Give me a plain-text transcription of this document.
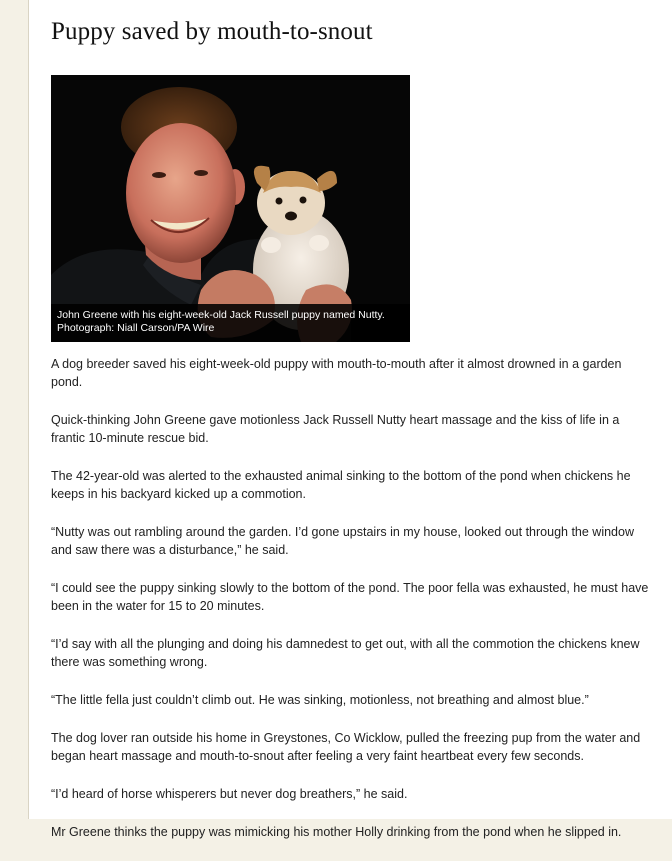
Puppy saved by mouth-to-snout
John Greene with his eight-week-old Jack Russell puppy named Nutty.
Photograph: Niall Carson/PA Wire

A dog breeder saved his eight-week-old puppy with mouth-to-mouth after it almost drowned in a garden pond.

Quick-thinking John Greene gave motionless Jack Russell Nutty heart massage and the kiss of life in a frantic 10-minute rescue bid.

The 42-year-old was alerted to the exhausted animal sinking to the bottom of the pond when chickens he keeps in his backyard kicked up a commotion.

“Nutty was out rambling around the garden. I’d gone upstairs in my house, looked out through the window and saw there was a disturbance,” he said.

“I could see the puppy sinking slowly to the bottom of the pond. The poor fella was exhausted, he must have been in the water for 15 to 20 minutes.

“I’d say with all the plunging and doing his damnedest to get out, with all the commotion the chickens knew there was something wrong.

“The little fella just couldn’t climb out. He was sinking, motionless, not breathing and almost blue.”

The dog lover ran outside his home in Greystones, Co Wicklow, pulled the freezing pup from the water and began heart massage and mouth-to-snout after feeling a very faint heartbeat every few seconds.

“I’d heard of horse whisperers but never dog breathers,” he said.

Mr Greene thinks the puppy was mimicking his mother Holly drinking from the pond when he slipped in.
